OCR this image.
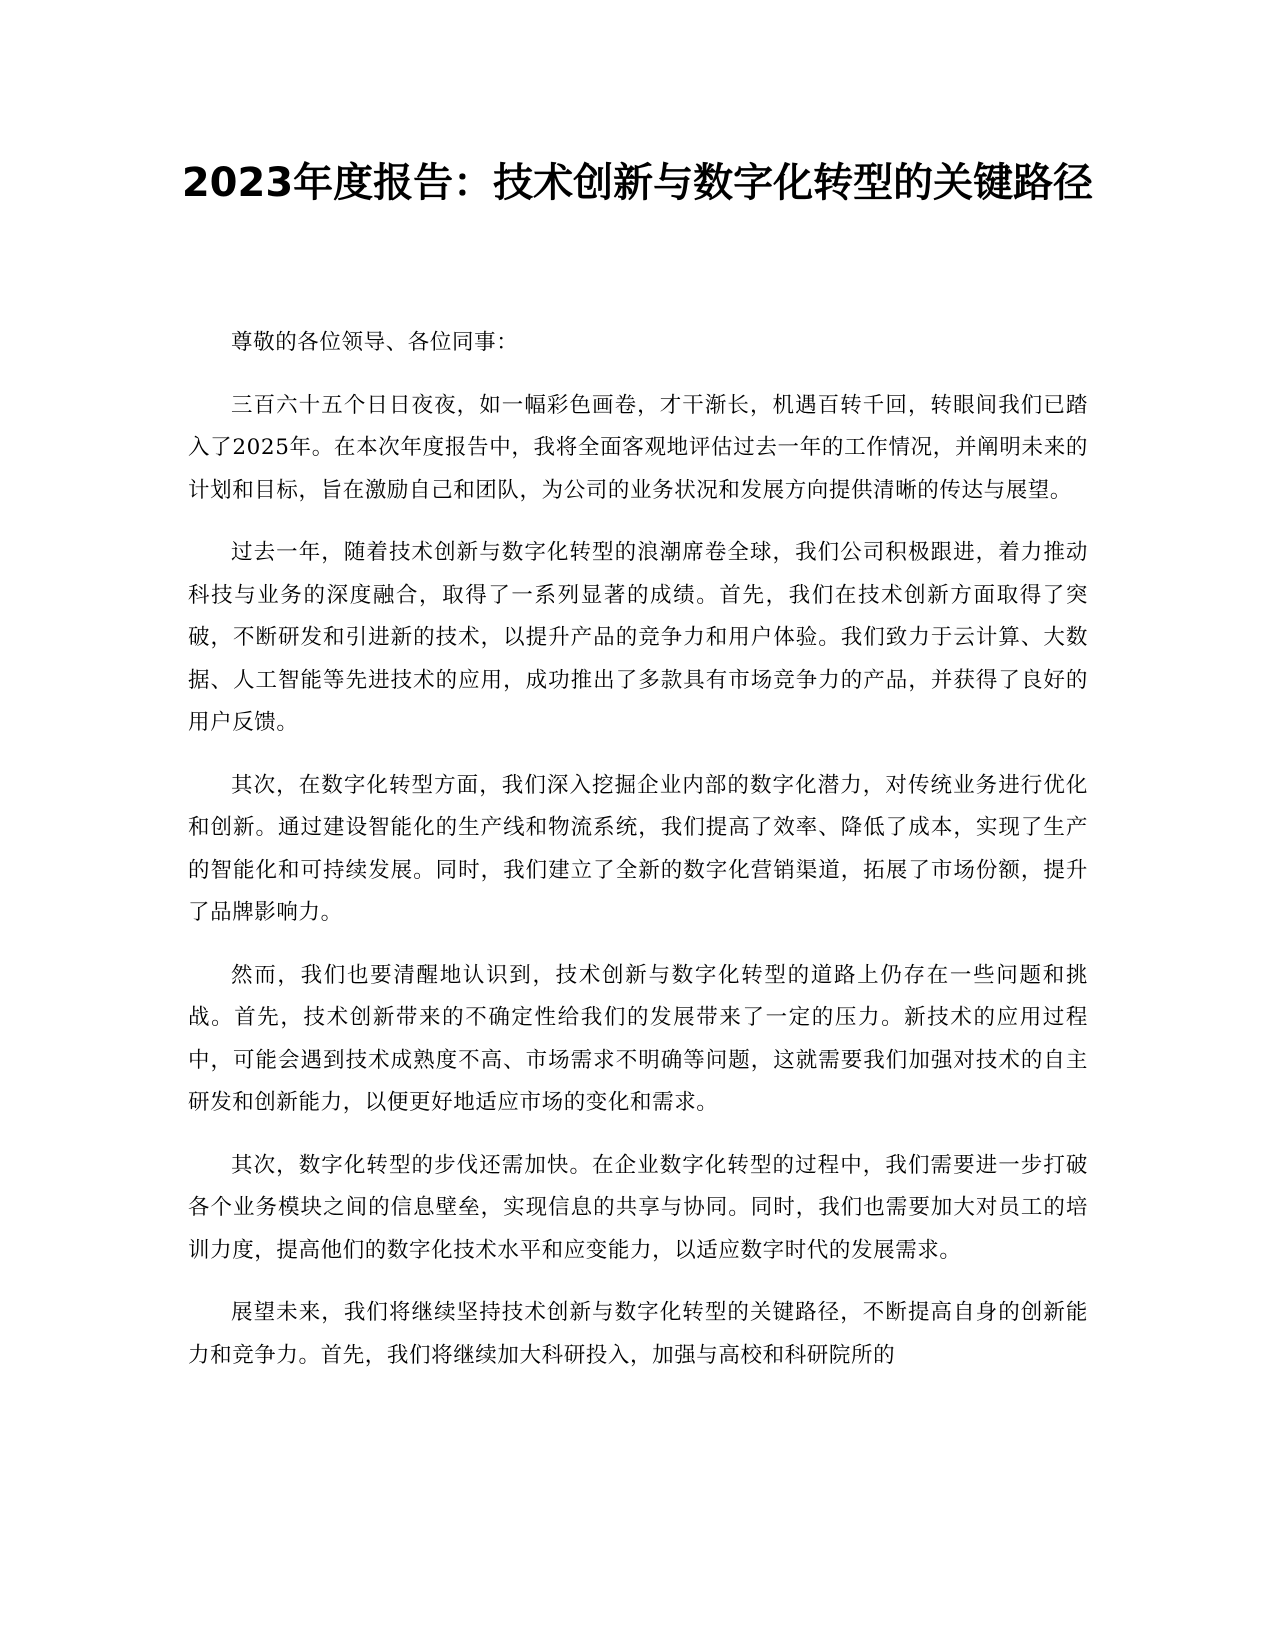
2023年度报告：技术创新与数字化转型的关键路径

尊敬的各位领导、各位同事：

三百六十五个日日夜夜，如一幅彩色画卷，才干渐长，机遇百转千回，转眼间我们已踏入了2025年。在本次年度报告中，我将全面客观地评估过去一年的工作情况，并阐明未来的计划和目标，旨在激励自己和团队，为公司的业务状况和发展方向提供清晰的传达与展望。

过去一年，随着技术创新与数字化转型的浪潮席卷全球，我们公司积极跟进，着力推动科技与业务的深度融合，取得了一系列显著的成绩。首先，我们在技术创新方面取得了突破，不断研发和引进新的技术，以提升产品的竞争力和用户体验。我们致力于云计算、大数据、人工智能等先进技术的应用，成功推出了多款具有市场竞争力的产品，并获得了良好的用户反馈。

其次，在数字化转型方面，我们深入挖掘企业内部的数字化潜力，对传统业务进行优化和创新。通过建设智能化的生产线和物流系统，我们提高了效率、降低了成本，实现了生产的智能化和可持续发展。同时，我们建立了全新的数字化营销渠道，拓展了市场份额，提升了品牌影响力。

然而，我们也要清醒地认识到，技术创新与数字化转型的道路上仍存在一些问题和挑战。首先，技术创新带来的不确定性给我们的发展带来了一定的压力。新技术的应用过程中，可能会遇到技术成熟度不高、市场需求不明确等问题，这就需要我们加强对技术的自主研发和创新能力，以便更好地适应市场的变化和需求。

其次，数字化转型的步伐还需加快。在企业数字化转型的过程中，我们需要进一步打破各个业务模块之间的信息壁垒，实现信息的共享与协同。同时，我们也需要加大对员工的培训力度，提高他们的数字化技术水平和应变能力，以适应数字时代的发展需求。

展望未来，我们将继续坚持技术创新与数字化转型的关键路径，不断提高自身的创新能力和竞争力。首先，我们将继续加大科研投入，加强与高校和科研院所的
